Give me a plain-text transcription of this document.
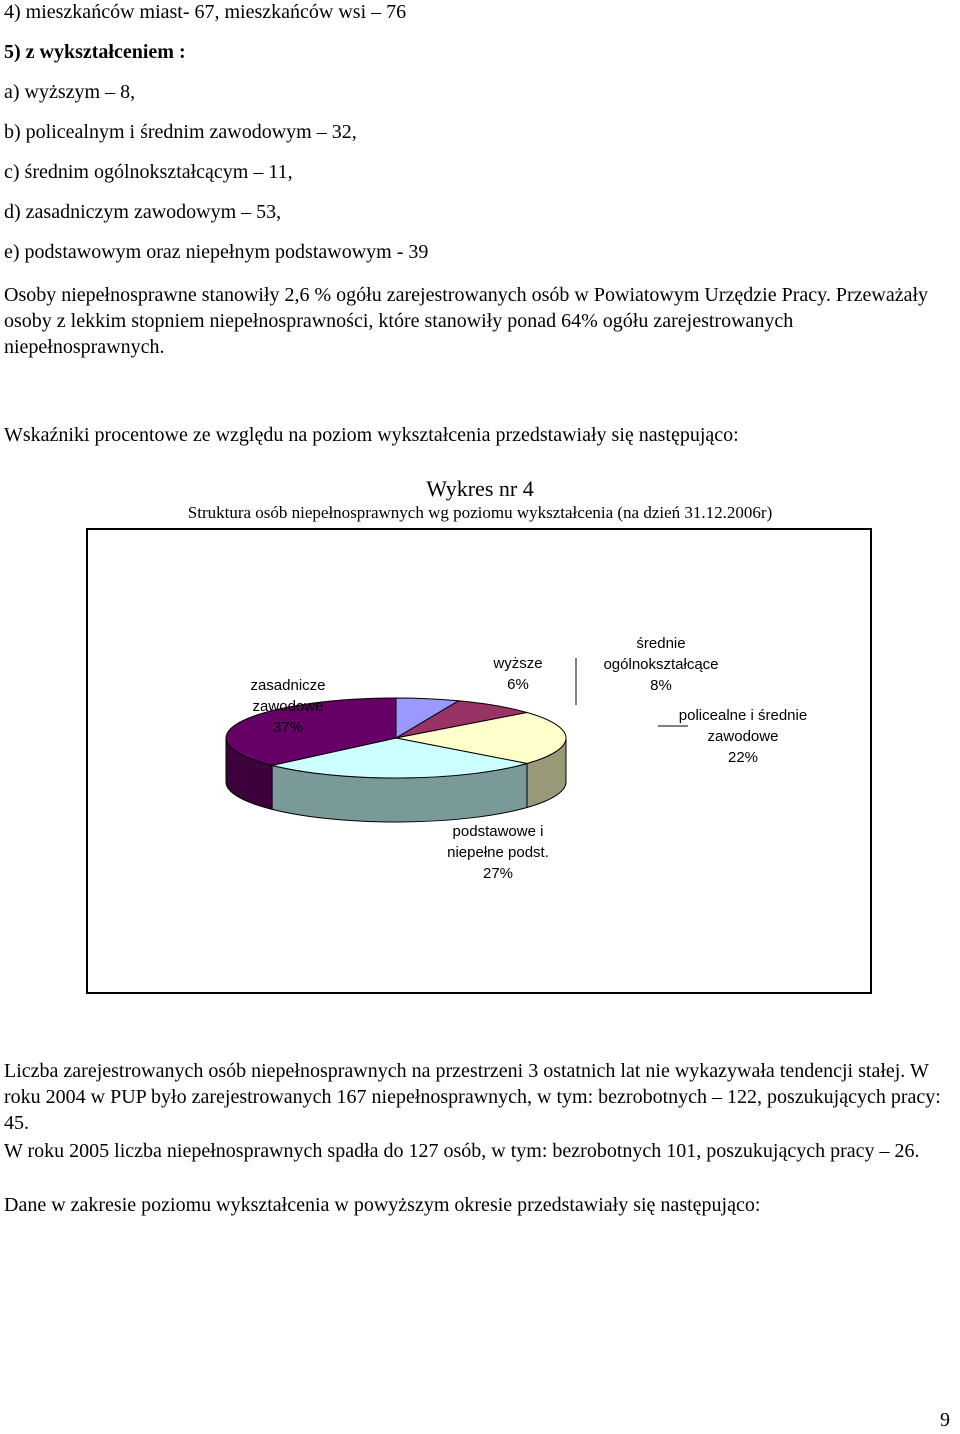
4) mieszkańców miast- 67, mieszkańców wsi – 76
5) z wykształceniem :
a) wyższym – 8,
b) policealnym i średnim zawodowym – 32,
c) średnim ogólnokształcącym – 11,
d) zasadniczym zawodowym – 53,
e) podstawowym oraz niepełnym podstawowym - 39
Osoby niepełnosprawne stanowiły 2,6 % ogółu zarejestrowanych osób w Powiatowym Urzędzie Pracy. Przeważały osoby z lekkim stopniem niepełnosprawności, które stanowiły ponad 64% ogółu zarejestrowanych niepełnosprawnych.
Wskaźniki procentowe ze względu na poziom wykształcenia przedstawiały się następująco:
Wykres nr 4
Struktura osób niepełnosprawnych wg poziomu wykształcenia (na dzień 31.12.2006r)
wyższe 6%
średnie ogólnokształcące 8%
policealne i średnie zawodowe 22%
podstawowe i niepełne podst. 27%
zasadnicze zawodowe 37%
Liczba zarejestrowanych osób niepełnosprawnych na przestrzeni 3 ostatnich lat nie wykazywała tendencji stałej. W roku 2004 w PUP było zarejestrowanych 167 niepełnosprawnych, w tym: bezrobotnych – 122, poszukujących pracy: 45.
W roku 2005 liczba niepełnosprawnych spadła do 127 osób, w tym: bezrobotnych 101, poszukujących pracy – 26.
Dane w zakresie poziomu wykształcenia w powyższym okresie przedstawiały się następująco:
9
